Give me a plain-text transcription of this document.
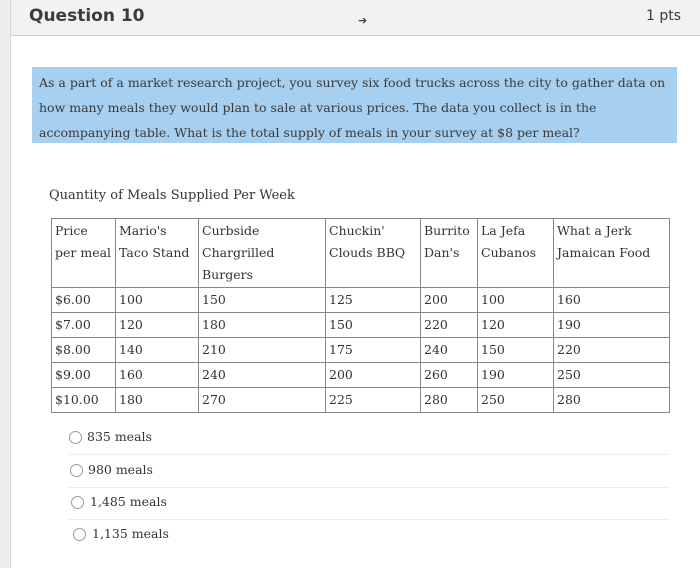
Question 10	➔	1 pts
As a part of a market research project, you survey six food trucks across the city to gather data on how many meals they would plan to sale at various prices. The data you collect is in the accompanying table. What is the total supply of meals in your survey at $8 per meal?
Quantity of Meals Supplied Per Week
Price per meal	Mario's Taco Stand	Curbside Chargrilled Burgers	Chuckin' Clouds BBQ	Burrito Dan's	La Jefa Cubanos	What a Jerk Jamaican Food
$6.00	100	150	125	200	100	160
$7.00	120	180	150	220	120	190
$8.00	140	210	175	240	150	220
$9.00	160	240	200	260	190	250
$10.00	180	270	225	280	250	280
835 meals
980 meals
1,485 meals
1,135 meals
